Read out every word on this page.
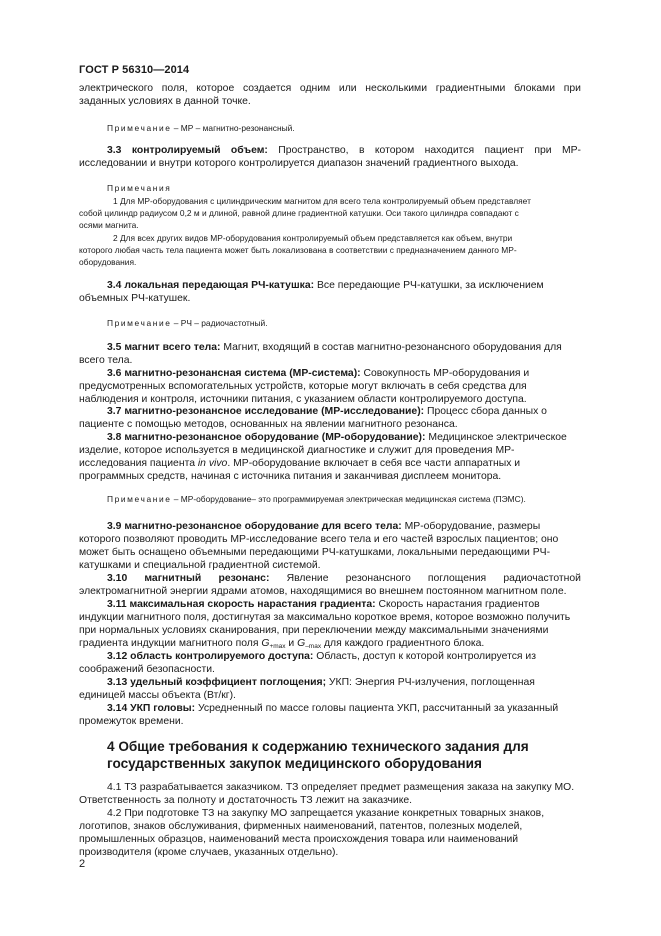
ГОСТ Р 56310—2014
электрического поля, которое создается одним или несколькими градиентными блоками при
заданных условиях в данной точке.
Примечание – МР – магнитно-резонансный.
3.3 контролируемый объем: Пространство, в котором находится пациент при МР-
исследовании и внутри которого контролируется диапазон значений градиентного выхода.
Примечания
1 Для МР-оборудования с цилиндрическим магнитом для всего тела контролируемый объем представляет
собой цилиндр радиусом 0,2 м и длиной, равной длине градиентной катушки. Оси такого цилиндра совпадают с
осями магнита.
2 Для всех других видов МР-оборудования контролируемый объем представляется как объем, внутри
которого любая часть тела пациента может быть локализована в соответствии с предназначением данного МР-
оборудования.
3.4 локальная передающая РЧ-катушка: Все передающие РЧ-катушки, за исключением
объемных РЧ-катушек.
Примечание – РЧ – радиочастотный.
3.5 магнит всего тела: Магнит, входящий в состав магнитно-резонансного оборудования для
всего тела.
3.6 магнитно-резонансная система (МР-система): Совокупность МР-оборудования и
предусмотренных вспомогательных устройств, которые могут включать в себя средства для
наблюдения и контроля, источники питания, с указанием области контролируемого доступа.
3.7 магнитно-резонансное исследование (МР-исследование): Процесс сбора данных о
пациенте с помощью методов, основанных на явлении магнитного резонанса.
3.8 магнитно-резонансное оборудование (МР-оборудование): Медицинское электрическое
изделие, которое используется в медицинской диагностике и служит для проведения МР-
исследования пациента in vivo. МР-оборудование включает в себя все части аппаратных и
программных средств, начиная с источника питания и заканчивая дисплеем монитора.
Примечание – МР-оборудование– это программируемая электрическая медицинская система (ПЭМС).
3.9 магнитно-резонансное оборудование для всего тела: МР-оборудование, размеры
которого позволяют проводить МР-исследование всего тела и его частей взрослых пациентов; оно
может быть оснащено объемными передающими РЧ-катушками, локальными передающими РЧ-
катушками и специальной градиентной системой.
3.10 магнитный резонанс: Явление резонансного поглощения радиочастотной
электромагнитной энергии ядрами атомов, находящимися во внешнем постоянном магнитном поле.
3.11 максимальная скорость нарастания градиента: Скорость нарастания градиентов
индукции магнитного поля, достигнутая за максимально короткое время, которое возможно получить
при нормальных условиях сканирования, при переключении между максимальными значениями
градиента индукции магнитного поля $G_{+max}$ и $G_{-max}$ для каждого градиентного блока.
3.12 область контролируемого доступа: Область, доступ к которой контролируется из
соображений безопасности.
3.13 удельный коэффициент поглощения; УКП: Энергия РЧ-излучения, поглощенная
единицей массы объекта (Вт/кг).
3.14 УКП головы: Усредненный по массе головы пациента УКП, рассчитанный за указанный
промежуток времени.
4 Общие требования к содержанию технического задания для
государственных закупок медицинского оборудования
4.1 ТЗ разрабатывается заказчиком. ТЗ определяет предмет размещения заказа на закупку МО.
Ответственность за полноту и достаточность ТЗ лежит на заказчике.
4.2 При подготовке ТЗ на закупку МО запрещается указание конкретных товарных знаков,
логотипов, знаков обслуживания, фирменных наименований, патентов, полезных моделей,
промышленных образцов, наименований места происхождения товара или наименований
производителя (кроме случаев, указанных отдельно).
2
